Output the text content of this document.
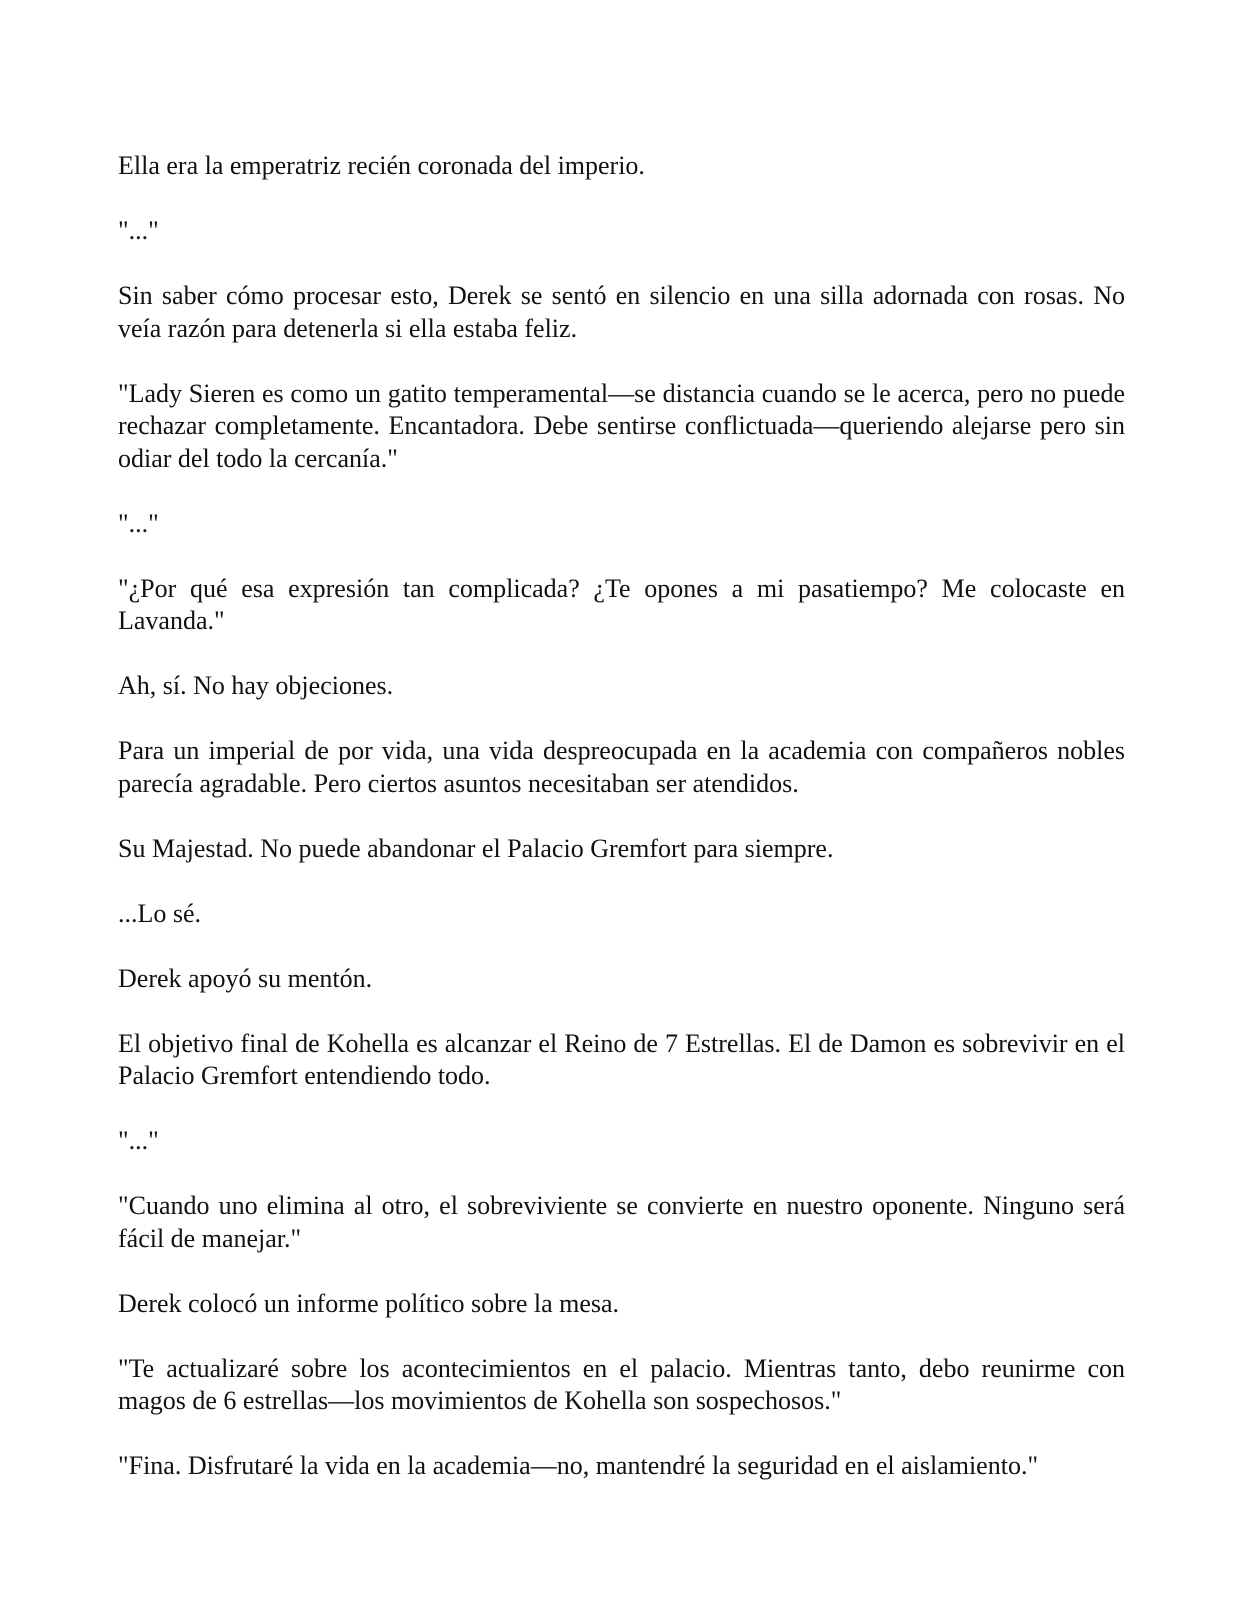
Ella era la emperatriz recién coronada del imperio.

"..."

Sin saber cómo procesar esto, Derek se sentó en silencio en una silla adornada con rosas. No veía razón para detenerla si ella estaba feliz.

"Lady Sieren es como un gatito temperamental—se distancia cuando se le acerca, pero no puede rechazar completamente. Encantadora. Debe sentirse conflictuada—queriendo alejarse pero sin odiar del todo la cercanía."

"..."

"¿Por qué esa expresión tan complicada? ¿Te opones a mi pasatiempo? Me colocaste en Lavanda."

Ah, sí. No hay objeciones.

Para un imperial de por vida, una vida despreocupada en la academia con compañeros nobles parecía agradable. Pero ciertos asuntos necesitaban ser atendidos.

Su Majestad. No puede abandonar el Palacio Gremfort para siempre.

...Lo sé.

Derek apoyó su mentón.

El objetivo final de Kohella es alcanzar el Reino de 7 Estrellas. El de Damon es sobrevivir en el Palacio Gremfort entendiendo todo.

"..."

"Cuando uno elimina al otro, el sobreviviente se convierte en nuestro oponente. Ninguno será fácil de manejar."

Derek colocó un informe político sobre la mesa.

"Te actualizaré sobre los acontecimientos en el palacio. Mientras tanto, debo reunirme con magos de 6 estrellas—los movimientos de Kohella son sospechosos."

"Fina. Disfrutaré la vida en la academia—no, mantendré la seguridad en el aislamiento."
